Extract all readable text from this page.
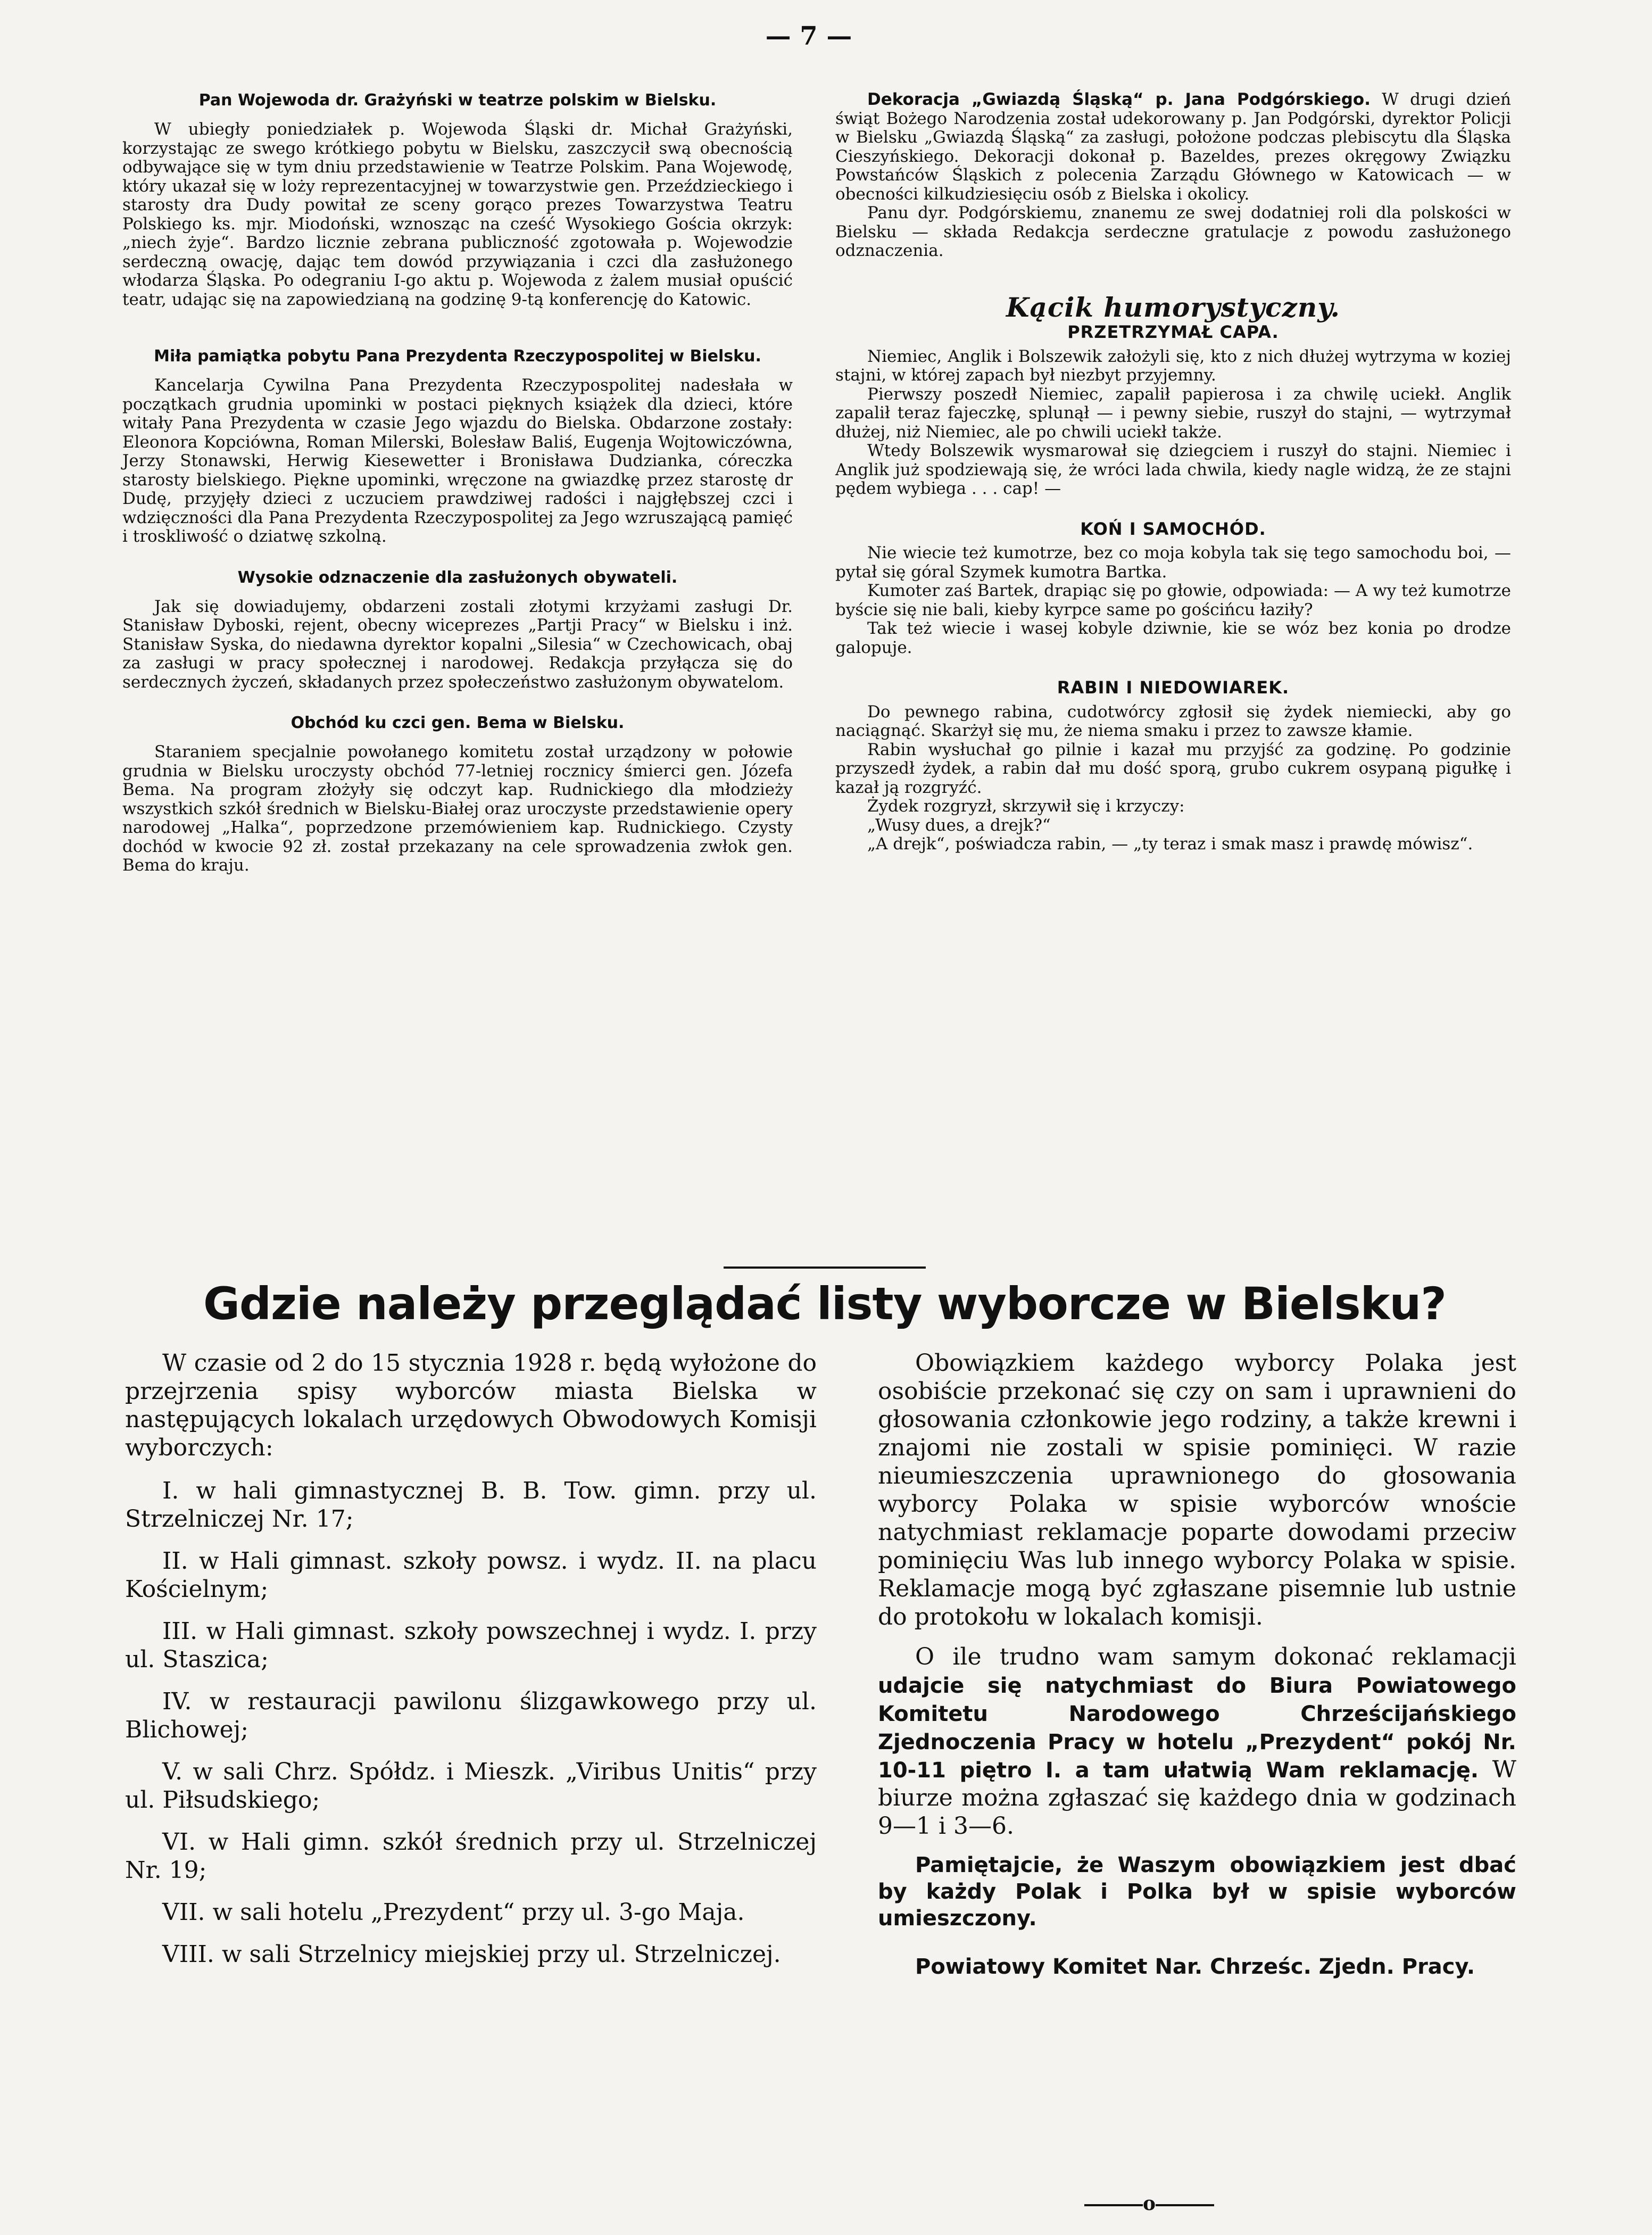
— 7 —
Pan Wojewoda dr. Grażyński w teatrze polskim w Bielsku.

W ubiegły poniedziałek p. Wojewoda Śląski dr. Michał Grażyński, korzystając ze swego krótkiego pobytu w Bielsku, zaszczycił swą obecnością odbywające się w tym dniu przedstawienie w Teatrze Polskim. Pana Wojewodę, który ukazał się w loży reprezentacyjnej w towarzystwie gen. Przeździeckiego i starosty dra Dudy powitał ze sceny gorąco prezes Towarzystwa Teatru Polskiego ks. mjr. Miodoński, wznosząc na cześć Wysokiego Gościa okrzyk: „niech żyje“. Bardzo licznie zebrana publiczność zgotowała p. Wojewodzie serdeczną owację, dając tem dowód przywiązania i czci dla zasłużonego włodarza Śląska. Po odegraniu I-go aktu p. Wojewoda z żalem musiał opuścić teatr, udając się na zapowiedzianą na godzinę 9-tą konferencję do Katowic.

Miła pamiątka pobytu Pana Prezydenta Rzeczypospolitej w Bielsku.

Kancelarja Cywilna Pana Prezydenta Rzeczypospolitej nadesłała w początkach grudnia upominki w postaci pięknych książek dla dzieci, które witały Pana Prezydenta w czasie Jego wjazdu do Bielska. Obdarzone zostały: Eleonora Kopciówna, Roman Milerski, Bolesław Baliś, Eugenja Wojtowiczówna, Jerzy Stonawski, Herwig Kiesewetter i Bronisława Dudzianka, córeczka starosty bielskiego. Piękne upominki, wręczone na gwiazdkę przez starostę dr Dudę, przyjęły dzieci z uczuciem prawdziwej radości i najgłębszej czci i wdzięczności dla Pana Prezydenta Rzeczypospolitej za Jego wzruszającą pamięć i troskliwość o dziatwę szkolną.

Wysokie odznaczenie dla zasłużonych obywateli.

Jak się dowiadujemy, obdarzeni zostali złotymi krzyżami zasługi Dr. Stanisław Dyboski, rejent, obecny wiceprezes „Partji Pracy“ w Bielsku i inż. Stanisław Syska, do niedawna dyrektor kopalni „Silesia“ w Czechowicach, obaj za zasługi w pracy społecznej i narodowej. Redakcja przyłącza się do serdecznych życzeń, składanych przez społeczeństwo zasłużonym obywatelom.

Obchód ku czci gen. Bema w Bielsku.

Staraniem specjalnie powołanego komitetu został urządzony w połowie grudnia w Bielsku uroczysty obchód 77-letniej rocznicy śmierci gen. Józefa Bema. Na program złożyły się odczyt kap. Rudnickiego dla młodzieży wszystkich szkół średnich w Bielsku-Białej oraz uroczyste przedstawienie opery narodowej „Halka“, poprzedzone przemówieniem kap. Rudnickiego. Czysty dochód w kwocie 92 zł. został przekazany na cele sprowadzenia zwłok gen. Bema do kraju.

Dekoracja „Gwiazdą Śląską“ p. Jana Podgórskiego. W drugi dzień świąt Bożego Narodzenia został udekorowany p. Jan Podgórski, dyrektor Policji w Bielsku „Gwiazdą Śląską“ za zasługi, położone podczas plebiscytu dla Śląska Cieszyńskiego. Dekoracji dokonał p. Bazeldes, prezes okręgowy Związku Powstańców Śląskich z polecenia Zarządu Głównego w Katowicach — w obecności kilkudziesięciu osób z Bielska i okolicy.

Panu dyr. Podgórskiemu, znanemu ze swej dodatniej roli dla polskości w Bielsku — składa Redakcja serdeczne gratulacje z powodu zasłużonego odznaczenia.

Kącik humorystyczny.
PRZETRZYMAŁ CAPA.

Niemiec, Anglik i Bolszewik założyli się, kto z nich dłużej wytrzyma w koziej stajni, w której zapach był niezbyt przyjemny.

Pierwszy poszedł Niemiec, zapalił papierosa i za chwilę uciekł. Anglik zapalił teraz fajeczkę, splunął — i pewny siebie, ruszył do stajni, — wytrzymał dłużej, niż Niemiec, ale po chwili uciekł także.

Wtedy Bolszewik wysmarował się dziegciem i ruszył do stajni. Niemiec i Anglik już spodziewają się, że wróci lada chwila, kiedy nagle widzą, że ze stajni pędem wybiega . . . cap! —

KOŃ I SAMOCHÓD.

Nie wiecie też kumotrze, bez co moja kobyla tak się tego samochodu boi, — pytał się góral Szymek kumotra Bartka.

Kumoter zaś Bartek, drapiąc się po głowie, odpowiada: — A wy też kumotrze byście się nie bali, kieby kyrpce same po gościńcu łaziły?

Tak też wiecie i wasej kobyle dziwnie, kie se wóz bez konia po drodze galopuje.

RABIN I NIEDOWIAREK.

Do pewnego rabina, cudotwórcy zgłosił się żydek niemiecki, aby go naciągnąć. Skarżył się mu, że niema smaku i przez to zawsze kłamie.

Rabin wysłuchał go pilnie i kazał mu przyjść za godzinę. Po godzinie przyszedł żydek, a rabin dał mu dość sporą, grubo cukrem osypaną pigułkę i kazał ją rozgryźć.

Żydek rozgryzł, skrzywił się i krzyczy:

„Wusy dues, a drejk?“

„A drejk“, poświadcza rabin, — „ty teraz i smak masz i prawdę mówisz“.

Gdzie należy przeglądać listy wyborcze w Bielsku?

W czasie od 2 do 15 stycznia 1928 r. będą wyłożone do przejrzenia spisy wyborców miasta Bielska w następujących lokalach urzędowych Obwodowych Komisji wyborczych:

I. w hali gimnastycznej B. B. Tow. gimn. przy ul. Strzelniczej Nr. 17;

II. w Hali gimnast. szkoły powsz. i wydz. II. na placu Kościelnym;

III. w Hali gimnast. szkoły powszechnej i wydz. I. przy ul. Staszica;

IV. w restauracji pawilonu ślizgawkowego przy ul. Blichowej;

V. w sali Chrz. Spółdz. i Mieszk. „Viribus Unitis“ przy ul. Piłsudskiego;

VI. w Hali gimn. szkół średnich przy ul. Strzelniczej Nr. 19;

VII. w sali hotelu „Prezydent“ przy ul. 3-go Maja.

VIII. w sali Strzelnicy miejskiej przy ul. Strzelniczej.

Obowiązkiem każdego wyborcy Polaka jest osobiście przekonać się czy on sam i uprawnieni do głosowania członkowie jego rodziny, a także krewni i znajomi nie zostali w spisie pominięci. W razie nieumieszczenia uprawnionego do głosowania wyborcy Polaka w spisie wyborców wnoście natychmiast reklamacje poparte dowodami przeciw pominięciu Was lub innego wyborcy Polaka w spisie. Reklamacje mogą być zgłaszane pisemnie lub ustnie do protokołu w lokalach komisji.

O ile trudno wam samym dokonać reklamacji udajcie się natychmiast do Biura Powiatowego Komitetu Narodowego Chrześcijańskiego Zjednoczenia Pracy w hotelu „Prezydent“ pokój Nr. 10-11 piętro I. a tam ułatwią Wam reklamację. W biurze można zgłaszać się każdego dnia w godzinach 9—1 i 3—6.

Pamiętajcie, że Waszym obowiązkiem jest dbać by każdy Polak i Polka był w spisie wyborców umieszczony.

Powiatowy Komitet Nar. Chrześc. Zjedn. Pracy.

o
